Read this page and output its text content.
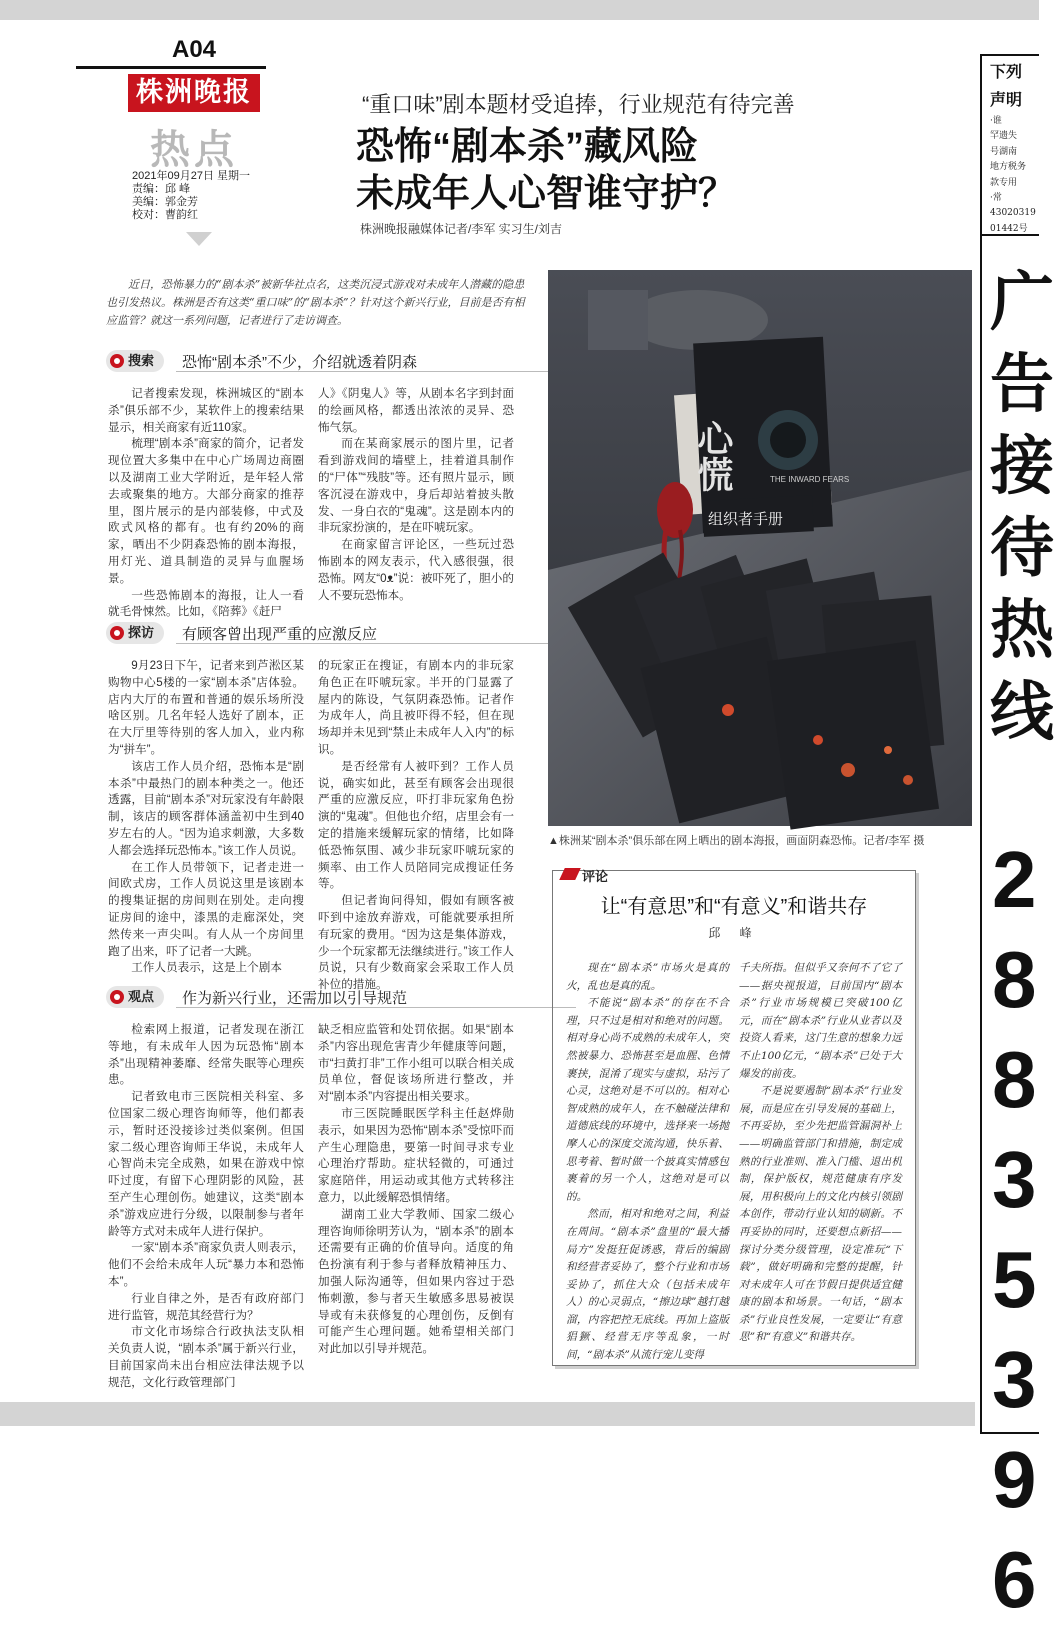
A04
株洲晚报
热点
2021年09月27日 星期一
责编：邱 峰
美编：郭金芳
校对：曹韵红
“重口味”剧本题材受追捧，行业规范有待完善
恐怖“剧本杀”藏风险
未成年人心智谁守护？
株洲晚报融媒体记者/李军 实习生/刘吉
近日，恐怖暴力的“剧本杀”被新华社点名，这类沉浸式游戏对未成年人潜藏的隐患也引发热议。株洲是否有这类“重口味”的“剧本杀”？针对这个新兴行业，目前是否有相应监管？就这一系列问题，记者进行了走访调查。
搜索	恐怖“剧本杀”不少，介绍就透着阴森

记者搜索发现，株洲城区的“剧本杀”俱乐部不少，某软件上的搜索结果显示，相关商家有近110家。

梳理“剧本杀”商家的简介，记者发现位置大多集中在中心广场周边商圈以及湖南工业大学附近，是年轻人常去或聚集的地方。大部分商家的推荐里，图片展示的是内部装修，中式及欧式风格的都有。也有约20%的商家，晒出不少阴森恐怖的剧本海报，用灯光、道具制造的灵异与血腥场景。

一些恐怖剧本的海报，让人一看就毛骨悚然。比如，《陪葬》《赶尸

人》《阴鬼人》等，从剧本名字到封面的绘画风格，都透出浓浓的灵异、恐怖气氛。

而在某商家展示的图片里，记者看到游戏间的墙壁上，挂着道具制作的“尸体”“残肢”等。还有照片显示，顾客沉浸在游戏中，身后却站着披头散发、一身白衣的“鬼魂”。这是剧本内的非玩家扮演的，是在吓唬玩家。

在商家留言评论区，一些玩过恐怖剧本的网友表示，代入感很强，很恐怖。网友“0ᴥ”说：被吓死了，胆小的人不要玩恐怖本。

探访	有顾客曾出现严重的应激反应

9月23日下午，记者来到芦淞区某购物中心5楼的一家“剧本杀”店体验。店内大厅的布置和普通的娱乐场所没啥区别。几名年轻人选好了剧本，正在大厅里等待别的客人加入，业内称为“拼车”。

该店工作人员介绍，恐怖本是“剧本杀”中最热门的剧本种类之一。他还透露，目前“剧本杀”对玩家没有年龄限制，该店的顾客群体涵盖初中生到40岁左右的人。“因为追求刺激，大多数人都会选择玩恐怖本。”该工作人员说。

在工作人员带领下，记者走进一间欧式房，工作人员说这里是该剧本的搜集证据的房间则在别处。走向搜证房间的途中，漆黑的走廊深处，突然传来一声尖叫。有人从一个房间里跑了出来，吓了记者一大跳。

工作人员表示，这是上个剧本

的玩家正在搜证，有剧本内的非玩家角色正在吓唬玩家。半开的门显露了屋内的陈设，气氛阴森恐怖。记者作为成年人，尚且被吓得不轻，但在现场却并未见到“禁止未成年人入内”的标识。

是否经常有人被吓到？工作人员说，确实如此，甚至有顾客会出现很严重的应激反应，吓打非玩家角色扮演的“鬼魂”。但他也介绍，店里会有一定的措施来缓解玩家的情绪，比如降低恐怖氛围、减少非玩家吓唬玩家的频率、由工作人员陪同完成搜证任务等。

但记者询问得知，假如有顾客被吓到中途放弃游戏，可能就要承担所有玩家的费用。“因为这是集体游戏，少一个玩家都无法继续进行。”该工作人员说，只有少数商家会采取工作人员补位的措施。

观点	作为新兴行业，还需加以引导规范

检索网上报道，记者发现在浙江等地，有未成年人因为玩恐怖“剧本杀”出现精神萎靡、经常失眠等心理疾患。

记者致电市三医院相关科室、多位国家二级心理咨询师等，他们都表示，暂时还没接诊过类似案例。但国家二级心理咨询师王华说，未成年人心智尚未完全成熟，如果在游戏中惊吓过度，有留下心理阴影的风险，甚至产生心理创伤。她建议，这类“剧本杀”游戏应进行分级，以限制参与者年龄等方式对未成年人进行保护。

一家“剧本杀”商家负责人则表示，他们不会给未成年人玩“暴力本和恐怖本”。

行业自律之外，是否有政府部门进行监管，规范其经营行为？

市文化市场综合行政执法支队相关负责人说，“剧本杀”属于新兴行业，目前国家尚未出台相应法律法规予以规范，文化行政管理部门

缺乏相应监管和处罚依据。如果“剧本杀”内容出现危害青少年健康等问题，市“扫黄打非”工作小组可以联合相关成员单位，督促该场所进行整改，并对“剧本杀”内容提出相关要求。

市三医院睡眠医学科主任赵烨勋表示，如果因为恐怖“剧本杀”受惊吓而产生心理隐患，要第一时间寻求专业心理治疗帮助。症状轻微的，可通过家庭陪伴，用运动或其他方式转移注意力，以此缓解恐惧情绪。

湖南工业大学教师、国家二级心理咨询师徐明芳认为，“剧本杀”的剧本还需要有正确的价值导向。适度的角色扮演有利于参与者释放精神压力、加强人际沟通等，但如果内容过于恐怖刺激，参与者天生敏感多思易被误导或有未获修复的心理创伤，反倒有可能产生心理问题。她希望相关部门对此加以引导并规范。

心慌	THE INWARD FEARS
组织者手册
▲株洲某“剧本杀”俱乐部在网上晒出的剧本海报，画面阴森恐怖。记者/李军 摄
评论
让“有意思”和“有意义”和谐共存
邱 峰

现在“剧本杀”市场火是真的火，乱也是真的乱。

不能说“剧本杀”的存在不合理，只不过是相对和绝对的问题。相对身心尚不成熟的未成年人，突然被暴力、恐怖甚至是血腥、色情裹挟，混淆了现实与虚拟，玷污了心灵，这绝对是不可以的。相对心智成熟的成年人，在不触碰法律和道德底线的环境中，选择来一场抛摩人心的深度交流沟通，快乐着、思考着、暂时做一个披真实情感包裹着的另一个人，这绝对是可以的。

然而，相对和绝对之间，利益在周间。“剧本杀”盘里的“最大播局方”发挺狂促诱惑，背后的编剧和经营者妥协了，整个行业和市场妥协了，抓住大众（包括未成年人）的心灵弱点，“擦边球”越打越溜，内容把控无底线。再加上盗版猖獗、经营无序等乱象，一时间，“剧本杀”从流行宠儿变得

千夫所指。但似乎又奈何不了它了——据央视报道，目前国内“剧本杀”行业市场规模已突破100亿元，而在“剧本杀”行业从业者以及投资人看来，这门生意的想象力远不止100亿元，“剧本杀”已处于大爆发的前夜。

不是说要遏制“剧本杀”行业发展，而是应在引导发展的基础上，不再妥协，至少先把监管漏洞补上——明确监管部门和措施，制定成熟的行业准则、准入门槛、退出机制，保护版权，规范健康有序发展，用积极向上的文化内核引领剧本创作，带动行业认知的刷新。不再妥协的同时，还要想点新招——探讨分类分级管理，设定准玩“下载”，做好明确和完整的提醒，针对未成年人可在节假日提供适宜健康的剧本和场景。一句话，“剧本杀”行业良性发展，一定要让“有意思”和“有意义”和谐共存。

下列
声明
·谁
罕遗失
号湖南
地方税务
款专用
·常
43020319
01442号
广
告
接
待
热
线
2
8
8
3
5
3
9
6
